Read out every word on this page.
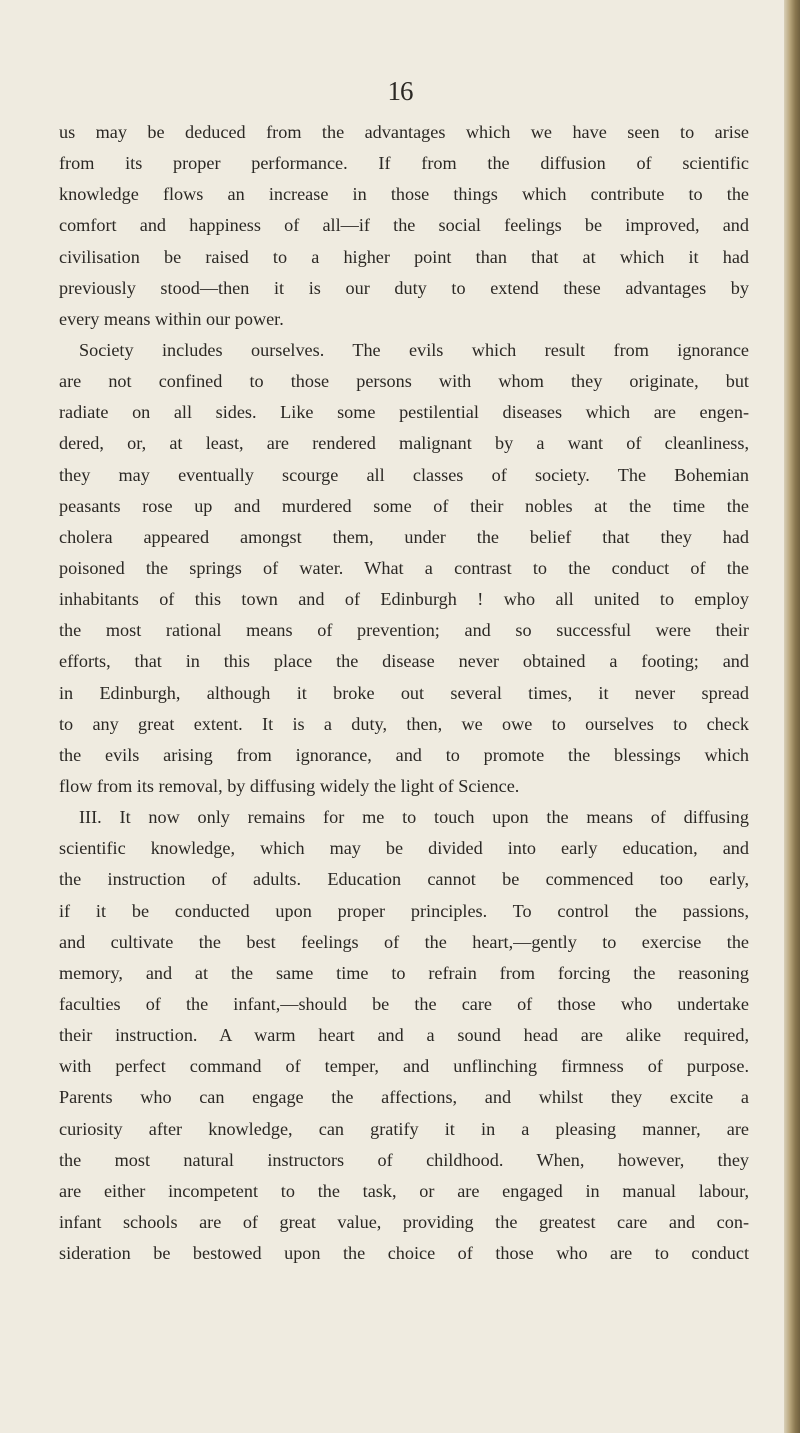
16
us may be deduced from the advantages which we have seen to arise
from its proper performance. If from the diffusion of scientific
knowledge flows an increase in those things which contribute to the
comfort and happiness of all—if the social feelings be improved, and
civilisation be raised to a higher point than that at which it had
previously stood—then it is our duty to extend these advantages by
every means within our power.
Society includes ourselves. The evils which result from ignorance
are not confined to those persons with whom they originate, but
radiate on all sides. Like some pestilential diseases which are engen-
dered, or, at least, are rendered malignant by a want of cleanliness,
they may eventually scourge all classes of society. The Bohemian
peasants rose up and murdered some of their nobles at the time the
cholera appeared amongst them, under the belief that they had
poisoned the springs of water. What a contrast to the conduct of the
inhabitants of this town and of Edinburgh ! who all united to employ
the most rational means of prevention; and so successful were their
efforts, that in this place the disease never obtained a footing; and
in Edinburgh, although it broke out several times, it never spread
to any great extent. It is a duty, then, we owe to ourselves to check
the evils arising from ignorance, and to promote the blessings which
flow from its removal, by diffusing widely the light of Science.
III. It now only remains for me to touch upon the means of diffusing
scientific knowledge, which may be divided into early education, and
the instruction of adults. Education cannot be commenced too early,
if it be conducted upon proper principles. To control the passions,
and cultivate the best feelings of the heart,—gently to exercise the
memory, and at the same time to refrain from forcing the reasoning
faculties of the infant,—should be the care of those who undertake
their instruction. A warm heart and a sound head are alike required,
with perfect command of temper, and unflinching firmness of purpose.
Parents who can engage the affections, and whilst they excite a
curiosity after knowledge, can gratify it in a pleasing manner, are
the most natural instructors of childhood. When, however, they
are either incompetent to the task, or are engaged in manual labour,
infant schools are of great value, providing the greatest care and con-
sideration be bestowed upon the choice of those who are to conduct
